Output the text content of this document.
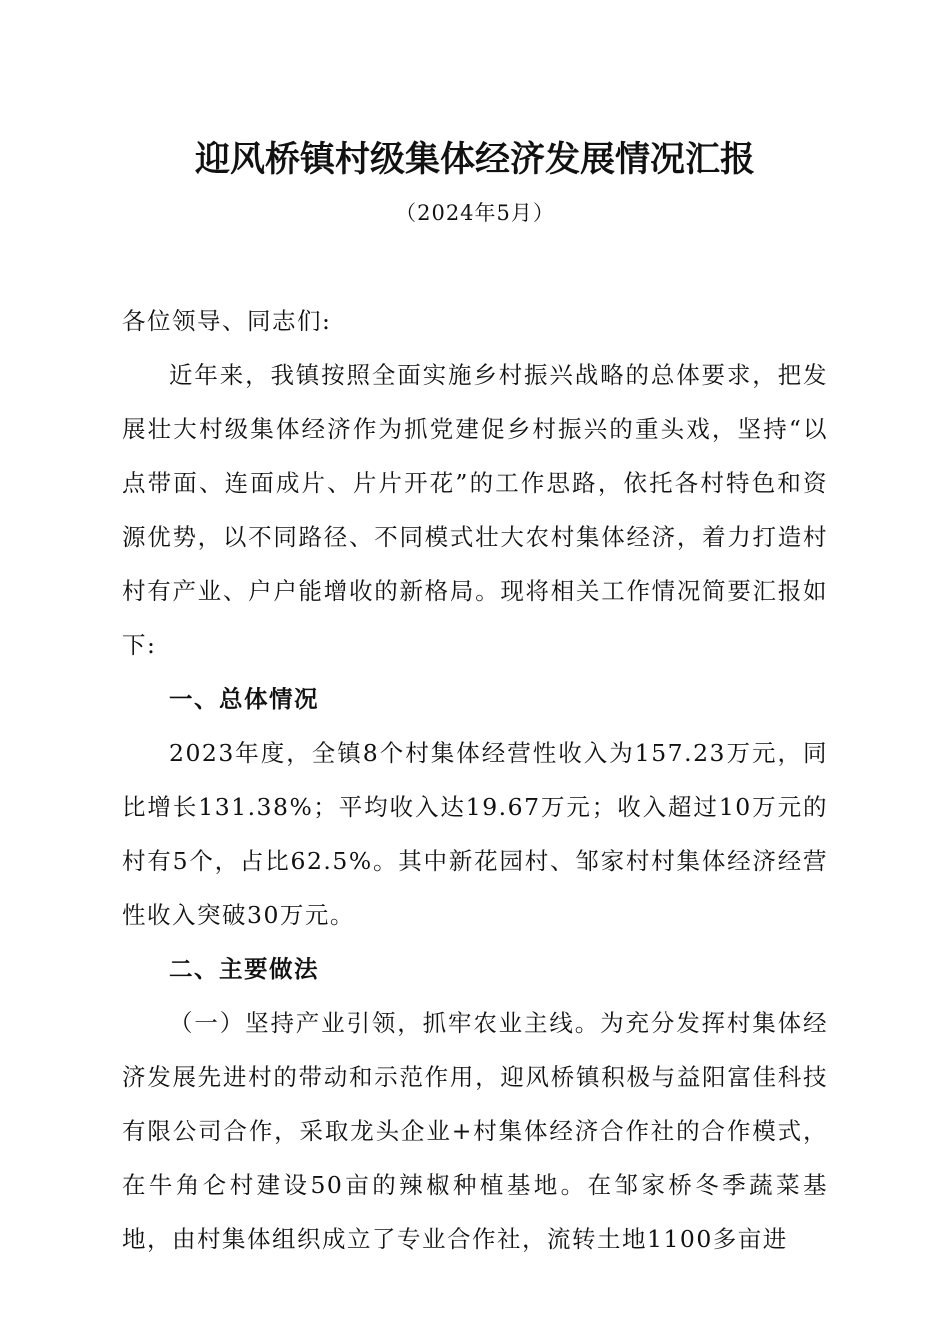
迎风桥镇村级集体经济发展情况汇报
（2024年5月）

各位领导、同志们:

近年来，我镇按照全面实施乡村振兴战略的总体要求，把发展壮大村级集体经济作为抓党建促乡村振兴的重头戏，坚持“以点带面、连面成片、片片开花”的工作思路，依托各村特色和资源优势，以不同路径、不同模式壮大农村集体经济，着力打造村村有产业、户户能增收的新格局。现将相关工作情况简要汇报如下:

一、总体情况

2023年度，全镇8个村集体经营性收入为157.23万元，同比增长131.38%；平均收入达19.67万元；收入超过10万元的村有5个，占比62.5%。其中新花园村、邹家村村集体经济经营性收入突破30万元。

二、主要做法

（一）坚持产业引领，抓牢农业主线。为充分发挥村集体经济发展先进村的带动和示范作用，迎风桥镇积极与益阳富佳科技有限公司合作，采取龙头企业+村集体经济合作社的合作模式，在牛角仑村建设50亩的辣椒种植基地。在邹家桥冬季蔬菜基地，由村集体组织成立了专业合作社，流转土地1100多亩进
